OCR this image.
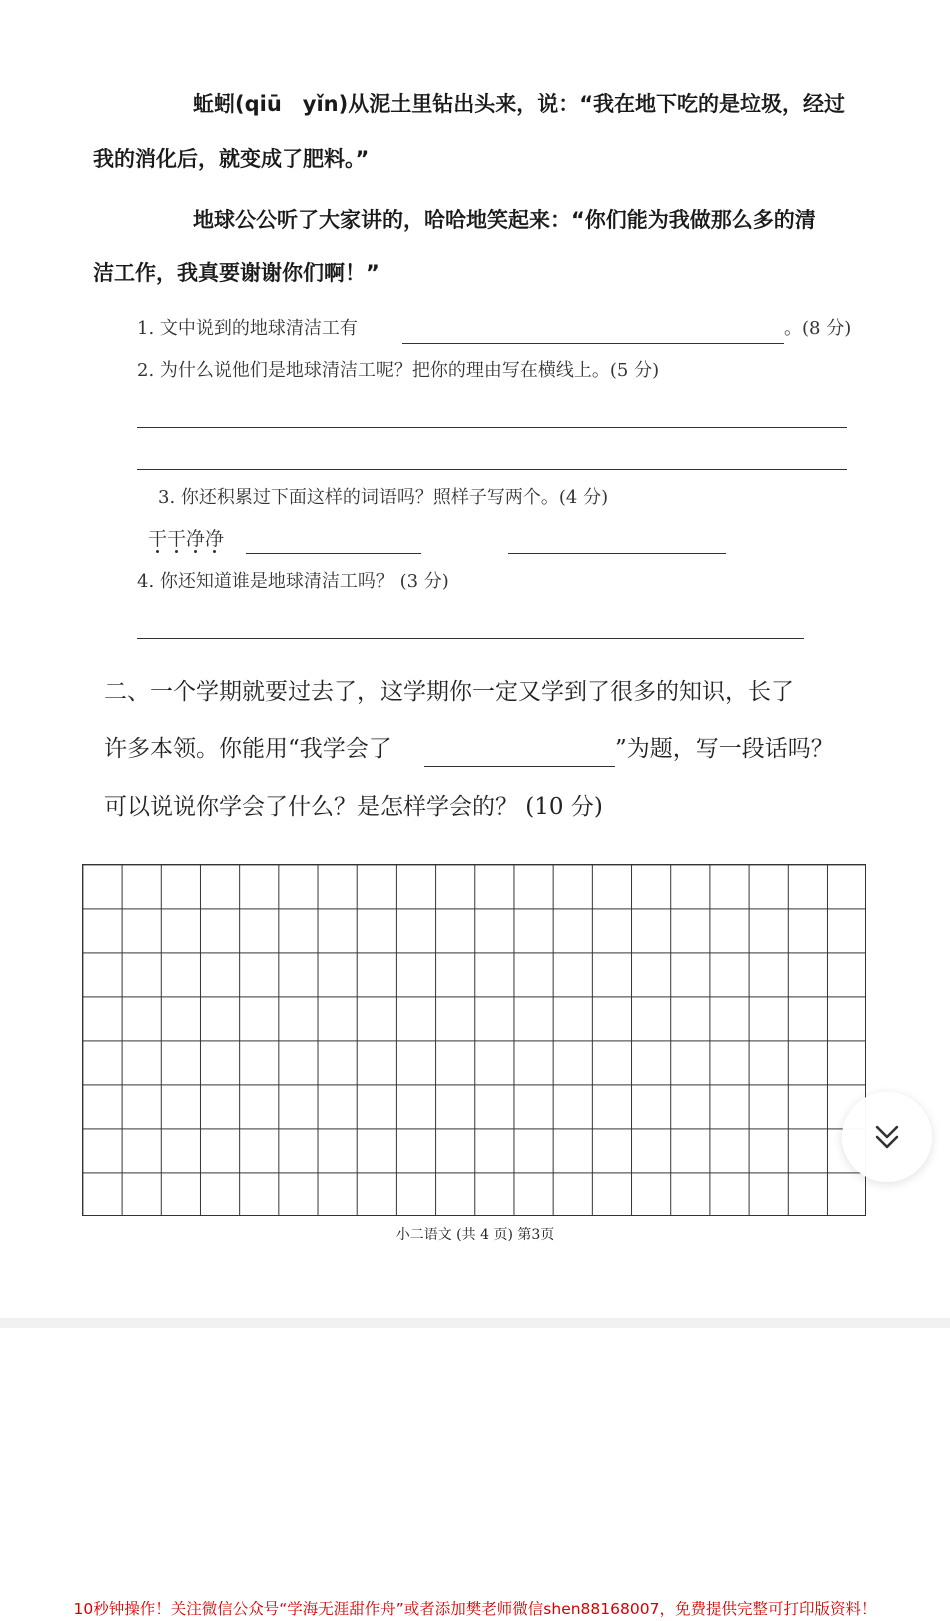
蚯蚓(qiū　yǐn)从泥土里钻出头来，说：“我在地下吃的是垃圾，经过
我的消化后，就变成了肥料。”
地球公公听了大家讲的，哈哈地笑起来：“你们能为我做那么多的清
洁工作，我真要谢谢你们啊！”
1. 文中说到的地球清洁工有	。(8 分)
2. 为什么说他们是地球清洁工呢？把你的理由写在横线上。(5 分)
3. 你还积累过下面这样的词语吗？照样子写两个。(4 分)
干干净净
4. 你还知道谁是地球清洁工吗？ (3 分)
二、一个学期就要过去了，这学期你一定又学到了很多的知识，长了
许多本领。你能用“我学会了	”为题，写一段话吗？
可以说说你学会了什么？是怎样学会的？ (10 分)
小二语文 (共 4 页) 第3页
10秒钟操作！关注微信公众号“学海无涯甜作舟”或者添加樊老师微信shen88168007，免费提供完整可打印版资料！
